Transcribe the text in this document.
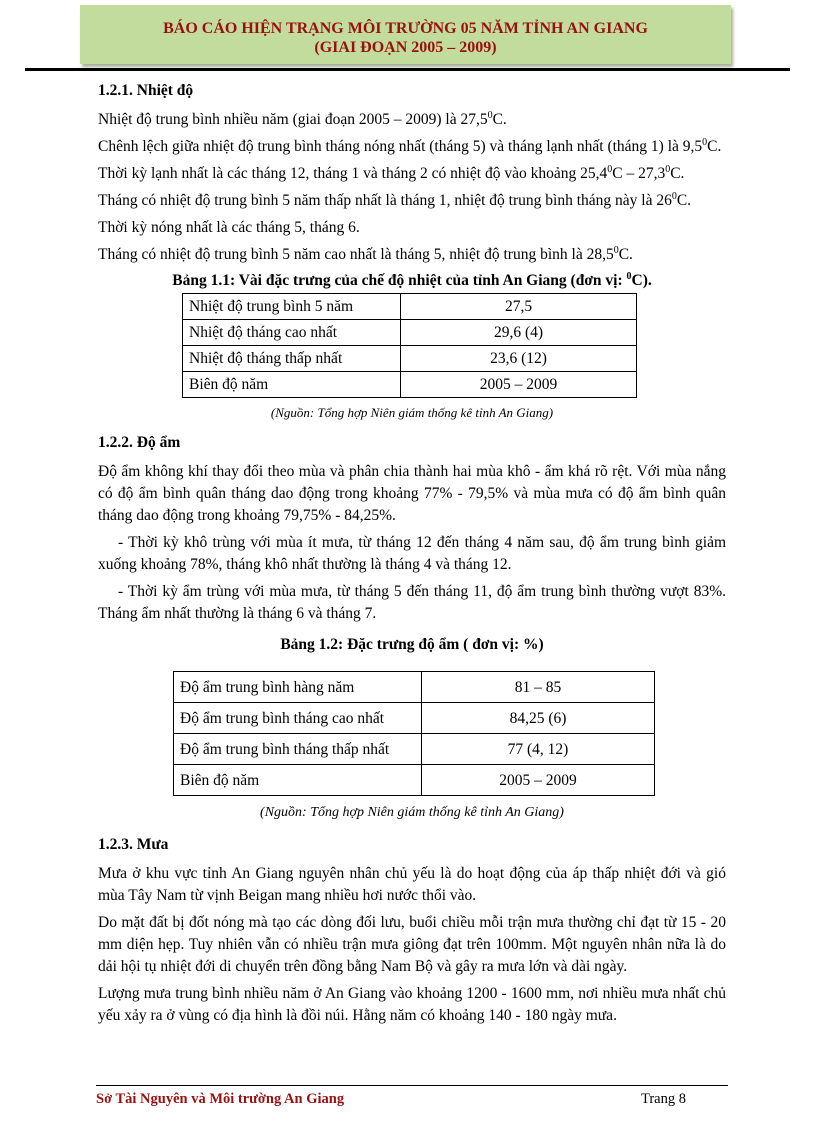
BÁO CÁO HIỆN TRẠNG MÔI TRƯỜNG 05 NĂM TỈNH AN GIANG
(GIAI ĐOẠN 2005 – 2009)
1.2.1. Nhiệt độ

Nhiệt độ trung bình nhiều năm (giai đoạn 2005 – 2009) là 27,5$^0$C.

Chênh lệch giữa nhiệt độ trung bình tháng nóng nhất (tháng 5) và tháng lạnh nhất (tháng 1) là $9,5^0C$.

Thời kỳ lạnh nhất là các tháng 12, tháng 1 và tháng 2 có nhiệt độ vào khoảng 25,4$^0$C – 27,3$^0$C.

Tháng có nhiệt độ trung bình 5 năm thấp nhất là tháng 1, nhiệt độ trung bình tháng này là $26^0C$.

Thời kỳ nóng nhất là các tháng 5, tháng 6.

Tháng có nhiệt độ trung bình 5 năm cao nhất là tháng 5, nhiệt độ trung bình là 28,5$^0$C.

Bảng 1.1: Vài đặc trưng của chế độ nhiệt của tỉnh An Giang (đơn vị: $^0$C).
Nhiệt độ trung bình 5 năm	27,5
Nhiệt độ tháng cao nhất	29,6 (4)
Nhiệt độ tháng thấp nhất	23,6 (12)
Biên độ năm	2005 – 2009
(Nguồn: Tổng hợp Niên giám thống kê tỉnh An Giang)
1.2.2. Độ ẩm

Độ ẩm không khí thay đổi theo mùa và phân chia thành hai mùa khô - ẩm khá rõ rệt. Với mùa nắng có độ ẩm bình quân tháng dao động trong khoảng 77% - 79,5% và mùa mưa có độ ẩm bình quân tháng dao động trong khoảng 79,75% - 84,25%.

- Thời kỳ khô trùng với mùa ít mưa, từ tháng 12 đến tháng 4 năm sau, độ ẩm trung bình giảm xuống khoảng 78%, tháng khô nhất thường là tháng 4 và tháng 12.

- Thời kỳ ẩm trùng với mùa mưa, từ tháng 5 đến tháng 11, độ ẩm trung bình thường vượt 83%. Tháng ẩm nhất thường là tháng 6 và tháng 7.

Bảng 1.2: Đặc trưng độ ẩm ( đơn vị: %)
Độ ẩm trung bình hàng năm	81 – 85
Độ ẩm trung bình tháng cao nhất	84,25 (6)
Độ ẩm trung bình tháng thấp nhất	77 (4, 12)
Biên độ năm	2005 – 2009
(Nguồn: Tổng hợp Niên giám thống kê tỉnh An Giang)
1.2.3. Mưa

Mưa ở khu vực tỉnh An Giang nguyên nhân chủ yếu là do hoạt động của áp thấp nhiệt đới và gió mùa Tây Nam từ vịnh Beigan mang nhiều hơi nước thổi vào.

Do mặt đất bị đốt nóng mà tạo các dòng đối lưu, buổi chiều mỗi trận mưa thường chỉ đạt từ 15 - 20 mm diện hẹp. Tuy nhiên vẫn có nhiều trận mưa giông đạt trên 100mm. Một nguyên nhân nữa là do dải hội tụ nhiệt đới di chuyển trên đồng bằng Nam Bộ và gây ra mưa lớn và dài ngày.

Lượng mưa trung bình nhiều năm ở An Giang vào khoảng 1200 - 1600 mm, nơi nhiều mưa nhất chủ yếu xảy ra ở vùng có địa hình là đồi núi. Hằng năm có khoảng 140 - 180 ngày mưa.

Sở Tài Nguyên và Môi trường An Giang	Trang 8
